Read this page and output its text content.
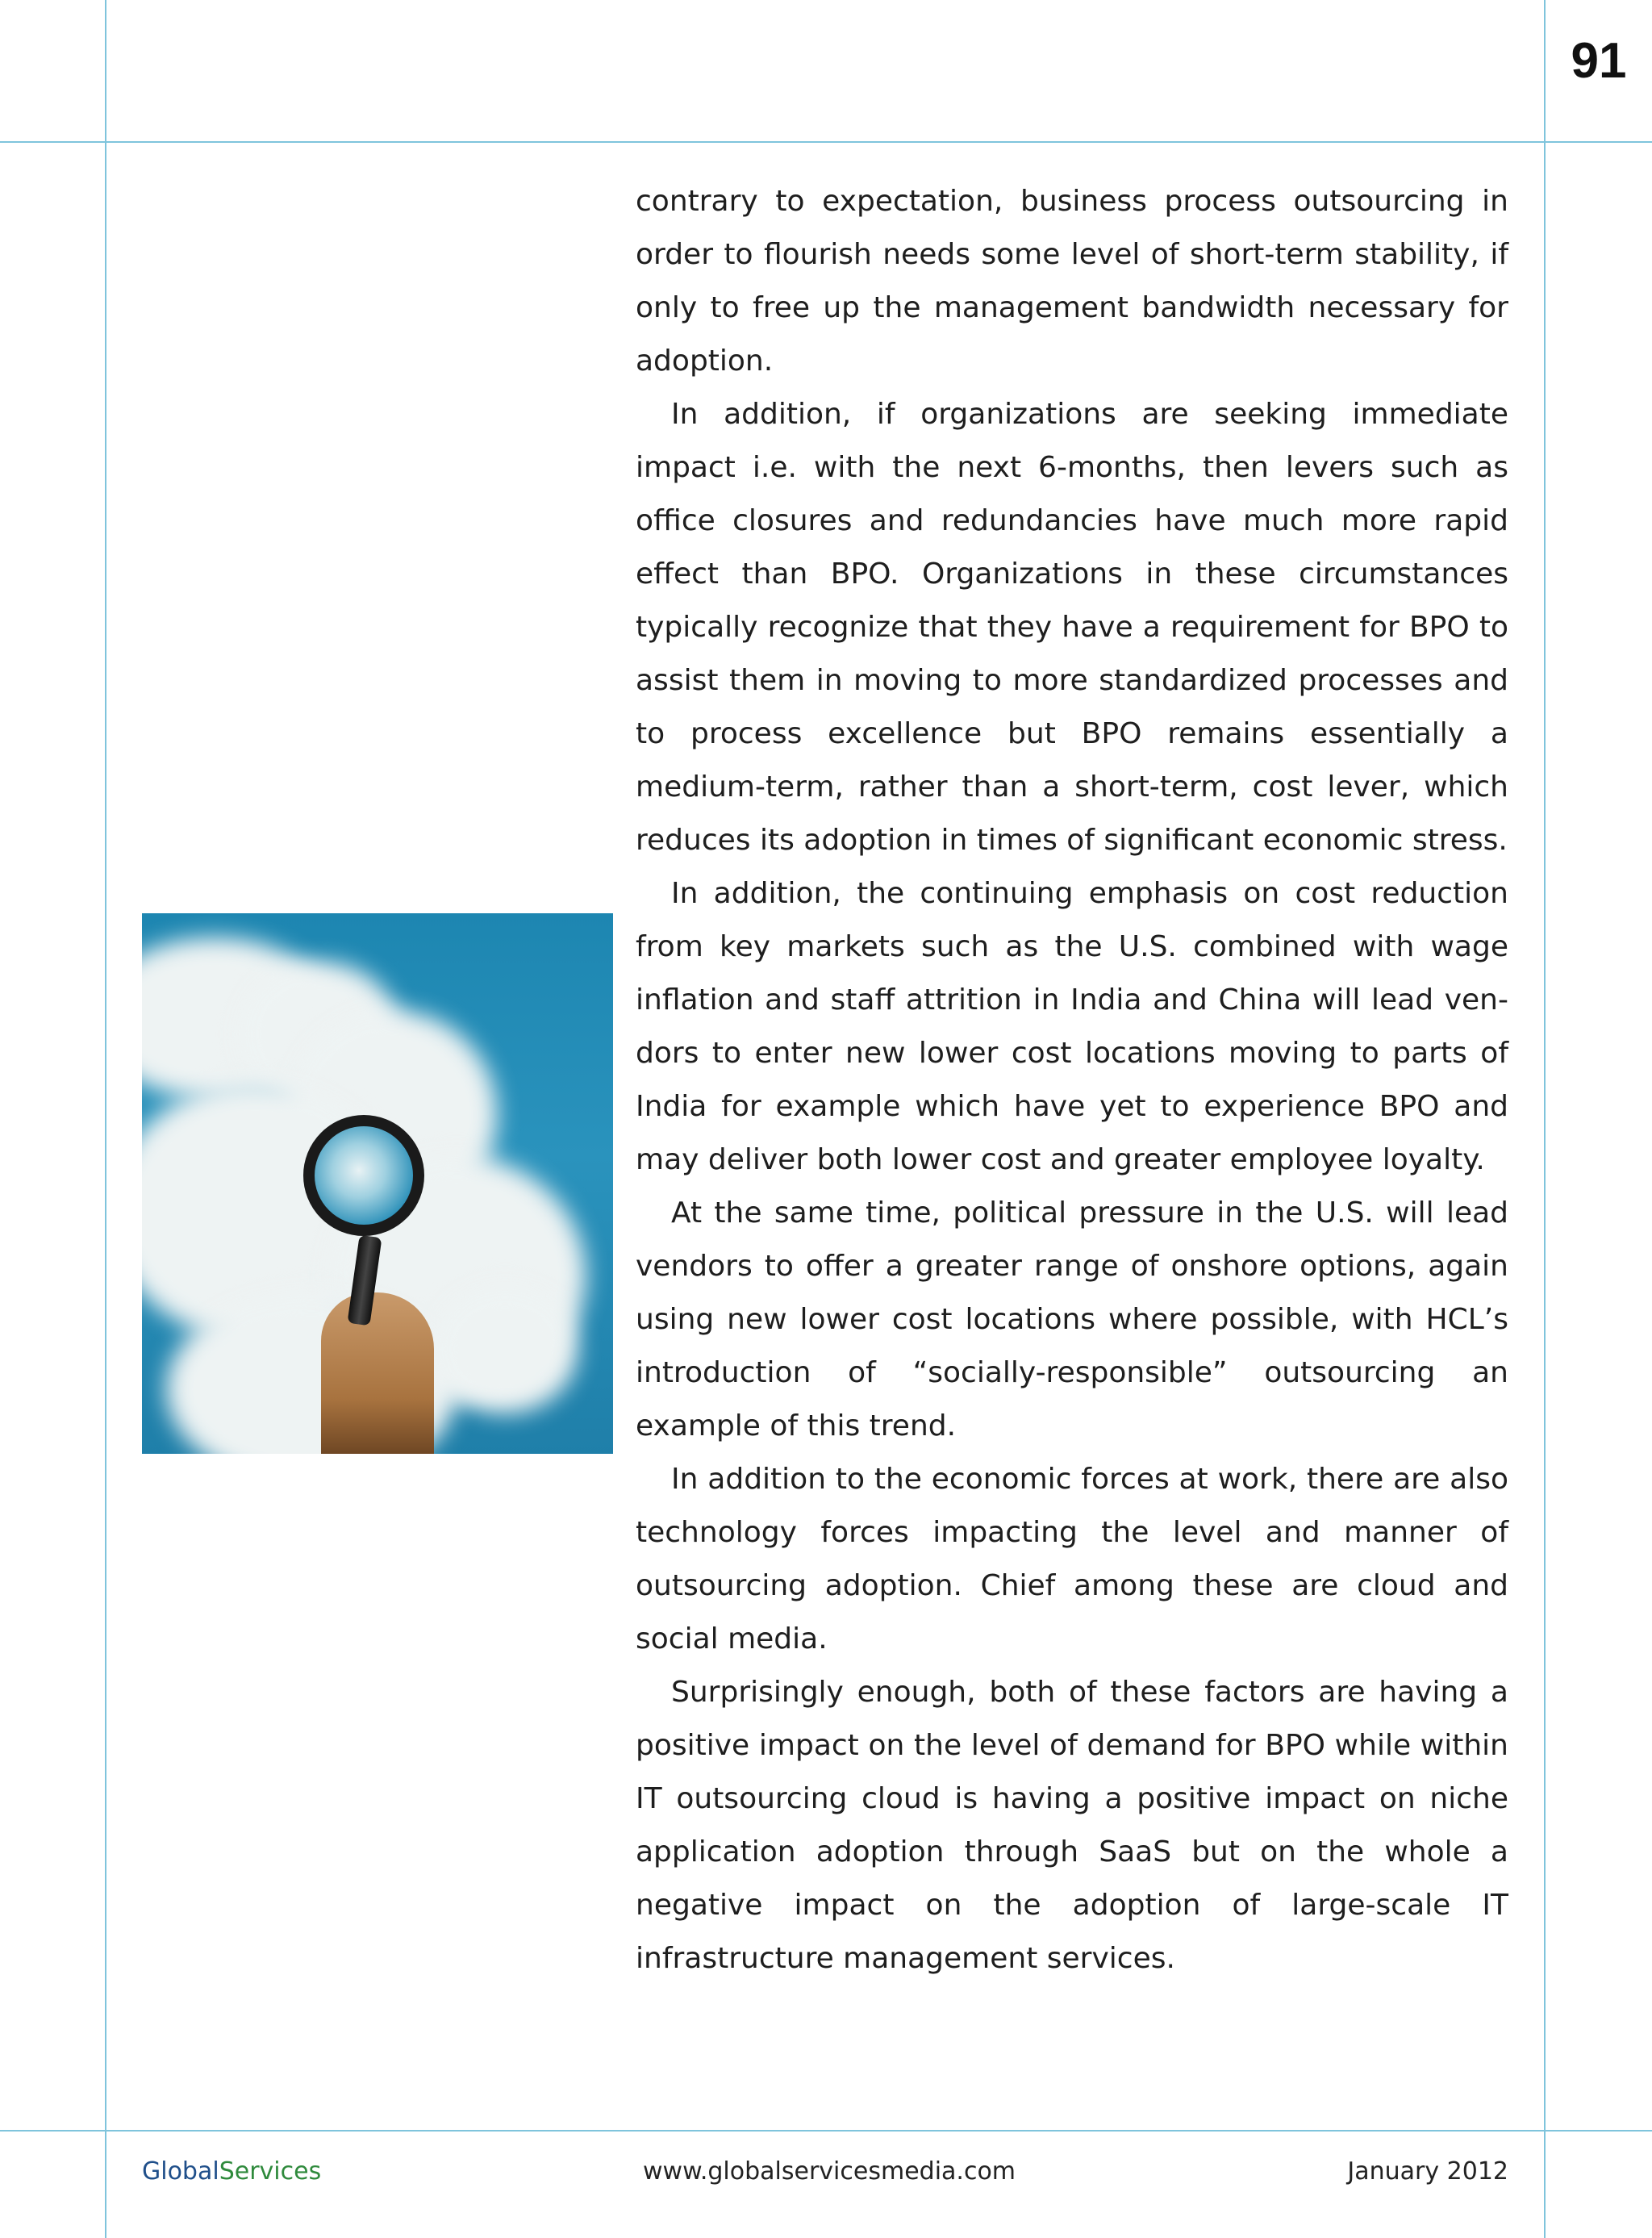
91

contrary to expectation, business process outsourcing in order to flourish needs some level of short-term stability, if only to free up the management bandwidth necessary for adoption.

In addition, if organizations are seeking immediate impact i.e. with the next 6-months, then levers such as office closures and redundancies have much more rapid effect than BPO. Organizations in these circumstances typically recognize that they have a requirement for BPO to assist them in moving to more standardized processes and to process excellence but BPO remains essentially a medium-term, rather than a short-term, cost lever, which reduces its adoption in times of significant economic stress.

In addition, the continuing emphasis on cost reduction from key markets such as the U.S. combined with wage inflation and staff attrition in India and China will lead ven-dors to enter new lower cost locations moving to parts of India for example which have yet to experience BPO and may deliver both lower cost and greater employee loyalty.

At the same time, political pressure in the U.S. will lead vendors to offer a greater range of onshore options, again using new lower cost locations where possible, with HCL’s introduction of “socially-responsible” outsourcing an example of this trend.

In addition to the economic forces at work, there are also technology forces impacting the level and manner of outsourcing adoption. Chief among these are cloud and social media.

Surprisingly enough, both of these factors are having a positive impact on the level of demand for BPO while within IT outsourcing cloud is having a positive impact on niche application adoption through SaaS but on the whole a negative impact on the adoption of large-scale IT infrastructure management services.

GlobalServices	www.globalservicesmedia.com	January 2012
